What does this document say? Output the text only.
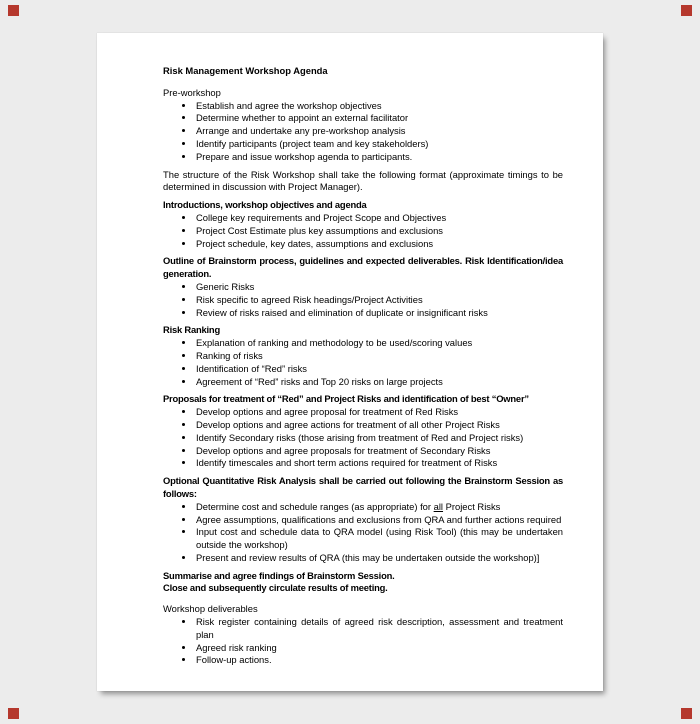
Risk Management Workshop Agenda

Pre-workshop

• Establish and agree the workshop objectives
• Determine whether to appoint an external facilitator
• Arrange and undertake any pre-workshop analysis
• Identify participants (project team and key stakeholders)
• Prepare and issue workshop agenda to participants.

The structure of the Risk Workshop shall take the following format (approximate timings to be determined in discussion with Project Manager).

Introductions, workshop objectives and agenda

• College key requirements and Project Scope and Objectives
• Project Cost Estimate plus key assumptions and exclusions
• Project schedule, key dates, assumptions and exclusions

Outline of Brainstorm process, guidelines and expected deliverables. Risk Identification/idea generation.

• Generic Risks
• Risk specific to agreed Risk headings/Project Activities
• Review of risks raised and elimination of duplicate or insignificant risks

Risk Ranking

• Explanation of ranking and methodology to be used/scoring values
• Ranking of risks
• Identification of “Red” risks
• Agreement of “Red” risks and Top 20 risks on large projects

Proposals for treatment of “Red” and Project Risks and identification of best “Owner”

• Develop options and agree proposal for treatment of Red Risks
• Develop options and agree actions for treatment of all other Project Risks
• Identify Secondary risks (those arising from treatment of Red and Project risks)
• Develop options and agree proposals for treatment of Secondary Risks
• Identify timescales and short term actions required for treatment of Risks

Optional Quantitative Risk Analysis shall be carried out following the Brainstorm Session as follows:

• Determine cost and schedule ranges (as appropriate) for all Project Risks
• Agree assumptions, qualifications and exclusions from QRA and further actions required
• Input cost and schedule data to QRA model (using Risk Tool) (this may be undertaken outside the workshop)
• Present and review results of QRA (this may be undertaken outside the workshop)]

Summarise and agree findings of Brainstorm Session.

Close and subsequently circulate results of meeting.

Workshop deliverables

• Risk register containing details of agreed risk description, assessment and treatment plan
• Agreed risk ranking
• Follow-up actions.
